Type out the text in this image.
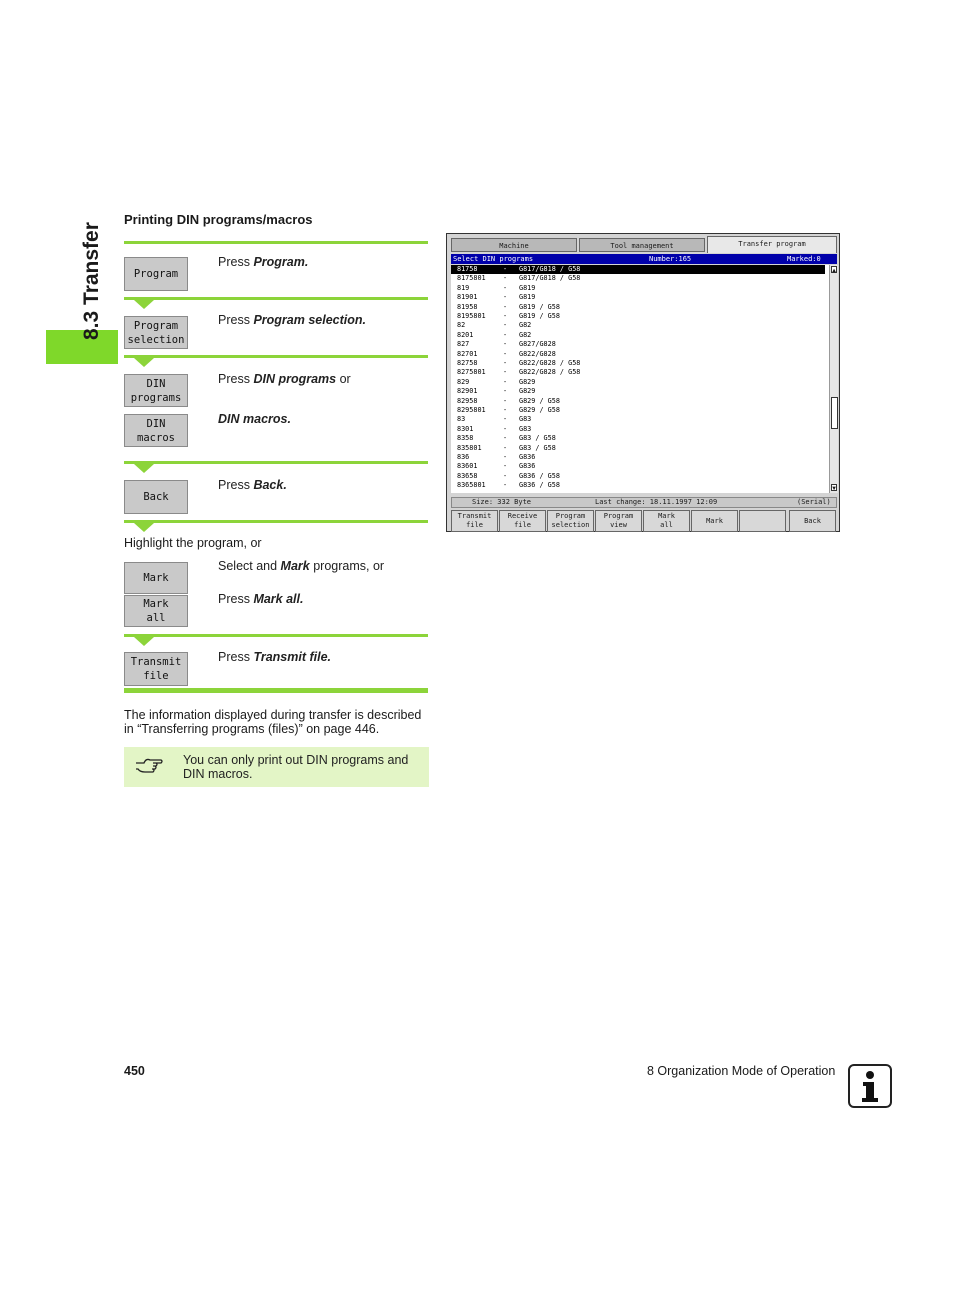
8.3 Transfer
Printing DIN programs/macros
Program
Press Program.
Program
selection
Press Program selection.
DIN
programs
Press DIN programs or
DIN
macros
DIN macros.
Back
Press Back.
Highlight the program, or
Mark
Select and Mark programs, or
Mark
all
Press Mark all.
Transmit
file
Press Transmit file.
The information displayed during transfer is described in “Transferring programs (files)” on page 446.
You can only print out DIN programs and DIN macros.
Machine	Tool management	Transfer program
Select DIN programs	Number:165	Marked:0
81758	- G817/G818 / G58
8175801	- G817/G818 / G58
819	- G819
81901	- G819
81958	- G819 / G58
8195801	- G819 / G58
82	- G82
8201	- G82
827	- G827/G828
82701	- G822/G828
82758	- G822/G828 / G58
8275801	- G822/G828 / G58
829	- G829
82901	- G829
82958	- G829 / G58
8295801	- G829 / G58
83	- G83
8301	- G83
8358	- G83 / G58
835801	- G83 / G58
836	- G836
83601	- G836
83658	- G836 / G58
8365801	- G836 / G58
▲
▼
Size: 332 Byte	Last change: 18.11.1997 12:09	(Serial)
Transmit
file
Receive
file
Program
selection
Program
view
Mark
all
Mark	Back
450	8 Organization Mode of Operation
